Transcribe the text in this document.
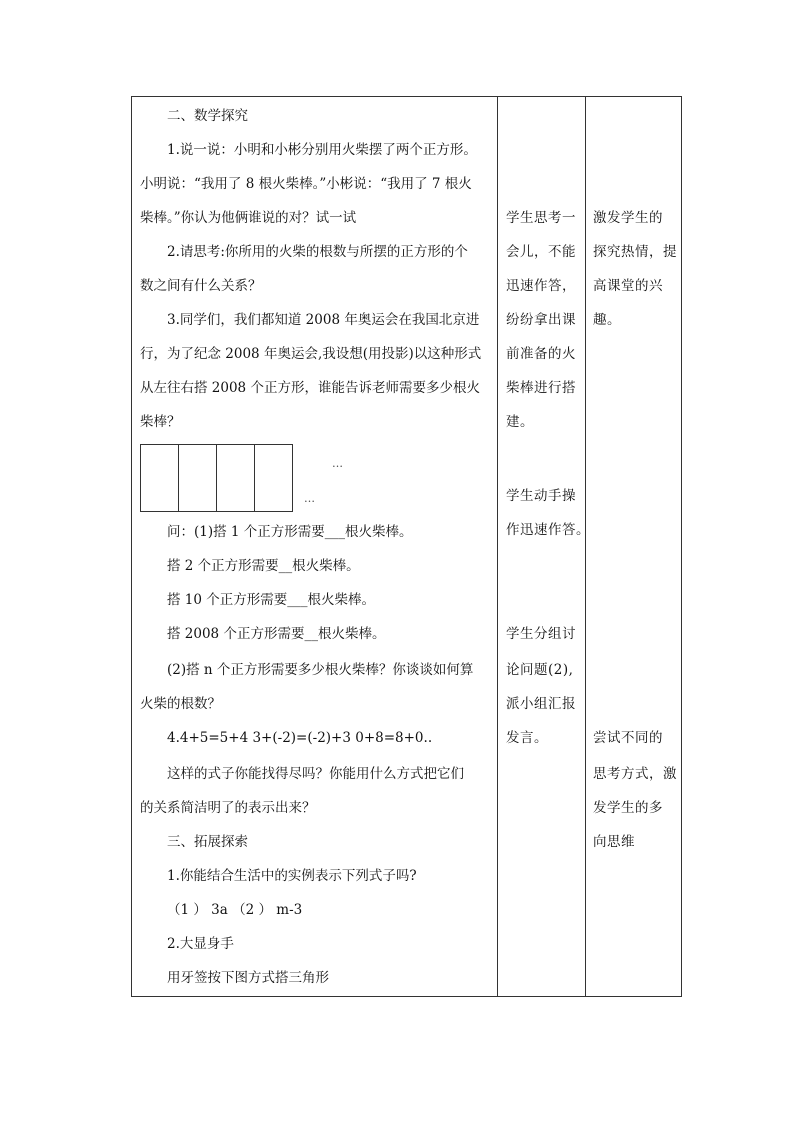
二、数学探究
1.说一说：小明和小彬分别用火柴摆了两个正方形。
小明说：“我用了 8 根火柴棒。”小彬说：“我用了 7 根火
柴棒。”你认为他俩谁说的对？试一试
2.请思考:你所用的火柴的根数与所摆的正方形的个
数之间有什么关系？
3.同学们，我们都知道 2008 年奥运会在我国北京进
行，为了纪念 2008 年奥运会,我设想(用投影)以这种形式
从左往右搭 2008 个正方形，谁能告诉老师需要多少根火
柴棒？
…
…
问：(1)搭 1 个正方形需要___根火柴棒。
搭 2 个正方形需要__根火柴棒。
搭 10 个正方形需要___根火柴棒。
搭 2008 个正方形需要__根火柴棒。
(2)搭 n 个正方形需要多少根火柴棒？你谈谈如何算
火柴的根数？
4.4+5=5+4 3+(-2)=(-2)+3 0+8=8+0..
这样的式子你能找得尽吗？你能用什么方式把它们
的关系简洁明了的表示出来？
三、拓展探索
1.你能结合生活中的实例表示下列式子吗?
（1 ） 3a （2 ） m-3
2.大显身手
用牙签按下图方式搭三角形
学生思考一
会儿，不能
迅速作答，
纷纷拿出课
前准备的火
柴棒进行搭
建。
学生动手操
作迅速作答。
学生分组讨
论问题(2),
派小组汇报
发言。
激发学生的
探究热情，提
高课堂的兴
趣。
尝试不同的
思考方式，激
发学生的多
向思维
